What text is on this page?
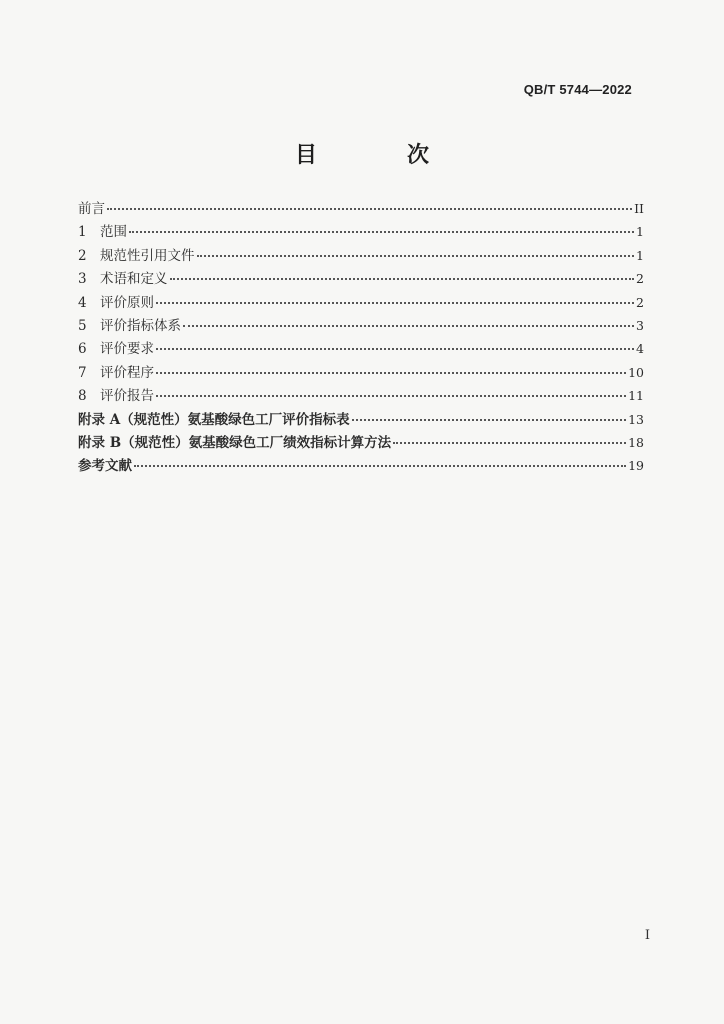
QB/T 5744—2022
目　次
前言	II
1 范围	1
2 规范性引用文件	1
3 术语和定义	2
4 评价原则	2
5 评价指标体系	3
6 评价要求	4
7 评价程序	10
8 评价报告	11
附录 A（规范性）氨基酸绿色工厂评价指标表	13
附录 B（规范性）氨基酸绿色工厂绩效指标计算方法	18
参考文献	19
I
